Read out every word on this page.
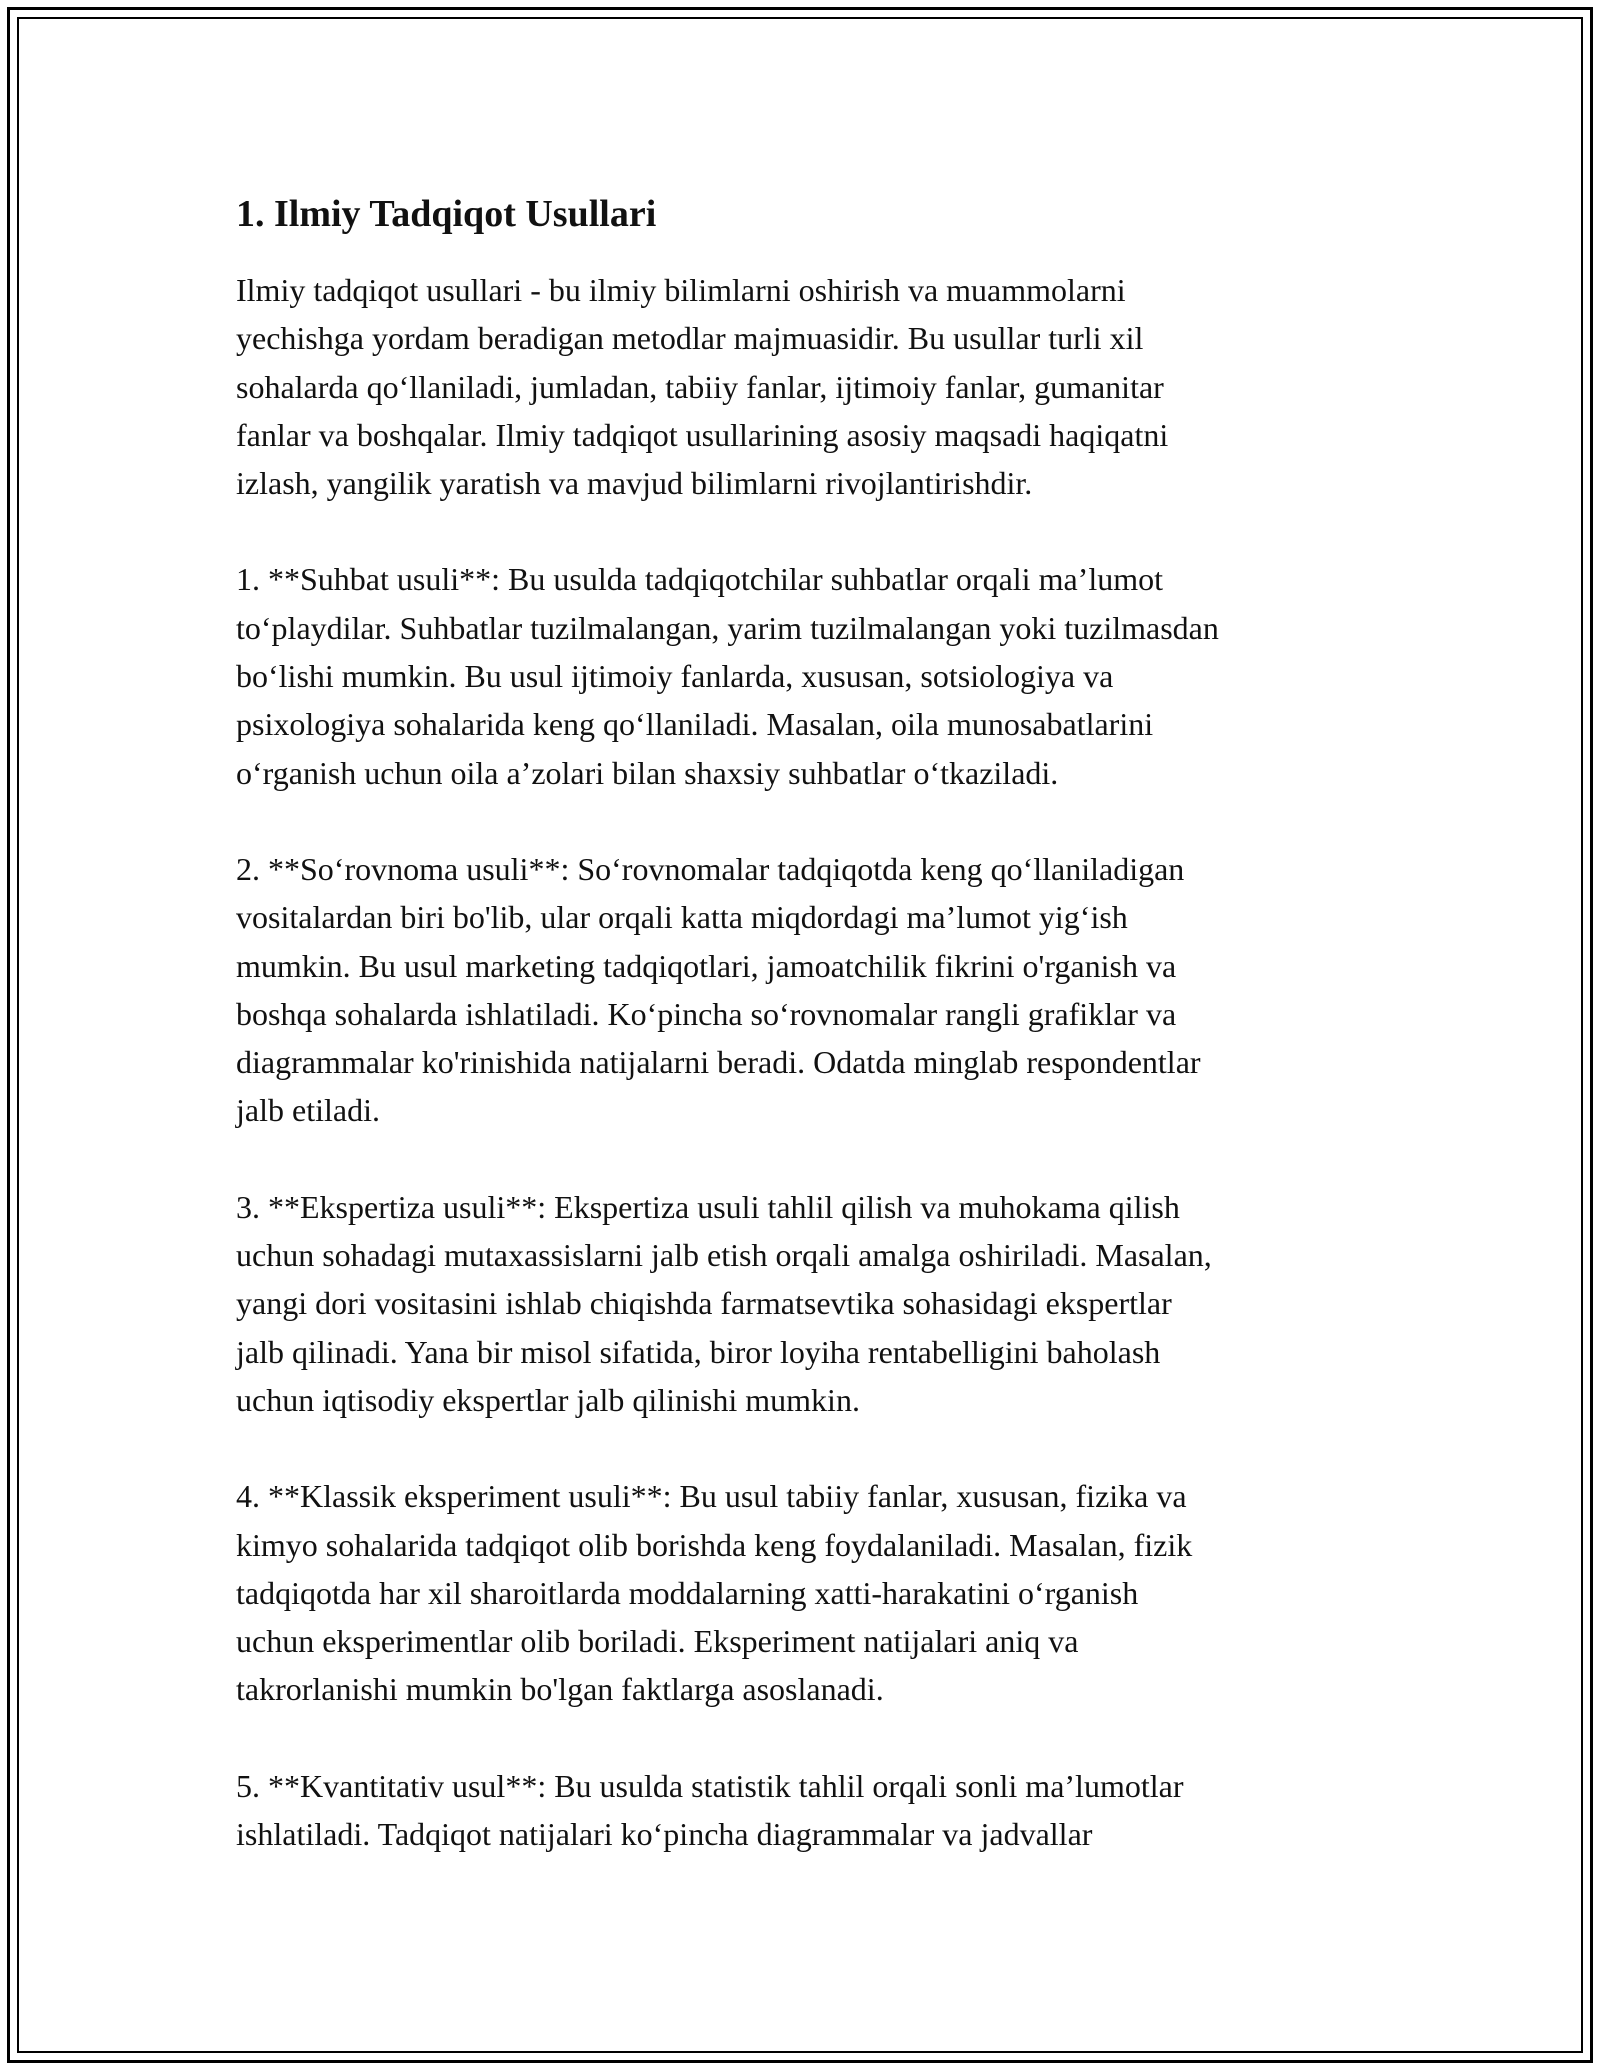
1. Ilmiy Tadqiqot Usullari

Ilmiy tadqiqot usullari - bu ilmiy bilimlarni oshirish va muammolarni
yechishga yordam beradigan metodlar majmuasidir. Bu usullar turli xil
sohalarda qo‘llaniladi, jumladan, tabiiy fanlar, ijtimoiy fanlar, gumanitar
fanlar va boshqalar. Ilmiy tadqiqot usullarining asosiy maqsadi haqiqatni
izlash, yangilik yaratish va mavjud bilimlarni rivojlantirishdir.

1. **Suhbat usuli**: Bu usulda tadqiqotchilar suhbatlar orqali ma’lumot
to‘playdilar. Suhbatlar tuzilmalangan, yarim tuzilmalangan yoki tuzilmasdan
bo‘lishi mumkin. Bu usul ijtimoiy fanlarda, xususan, sotsiologiya va
psixologiya sohalarida keng qo‘llaniladi. Masalan, oila munosabatlarini
o‘rganish uchun oila a’zolari bilan shaxsiy suhbatlar o‘tkaziladi.

2. **So‘rovnoma usuli**: So‘rovnomalar tadqiqotda keng qo‘llaniladigan
vositalardan biri bo'lib, ular orqali katta miqdordagi ma’lumot yig‘ish
mumkin. Bu usul marketing tadqiqotlari, jamoatchilik fikrini o'rganish va
boshqa sohalarda ishlatiladi. Ko‘pincha so‘rovnomalar rangli grafiklar va
diagrammalar ko'rinishida natijalarni beradi. Odatda minglab respondentlar
jalb etiladi.

3. **Ekspertiza usuli**: Ekspertiza usuli tahlil qilish va muhokama qilish
uchun sohadagi mutaxassislarni jalb etish orqali amalga oshiriladi. Masalan,
yangi dori vositasini ishlab chiqishda farmatsevtika sohasidagi ekspertlar
jalb qilinadi. Yana bir misol sifatida, biror loyiha rentabelligini baholash
uchun iqtisodiy ekspertlar jalb qilinishi mumkin.

4. **Klassik eksperiment usuli**: Bu usul tabiiy fanlar, xususan, fizika va
kimyo sohalarida tadqiqot olib borishda keng foydalaniladi. Masalan, fizik
tadqiqotda har xil sharoitlarda moddalarning xatti-harakatini o‘rganish
uchun eksperimentlar olib boriladi. Eksperiment natijalari aniq va
takrorlanishi mumkin bo'lgan faktlarga asoslanadi.

5. **Kvantitativ usul**: Bu usulda statistik tahlil orqali sonli ma’lumotlar
ishlatiladi. Tadqiqot natijalari ko‘pincha diagrammalar va jadvallar
